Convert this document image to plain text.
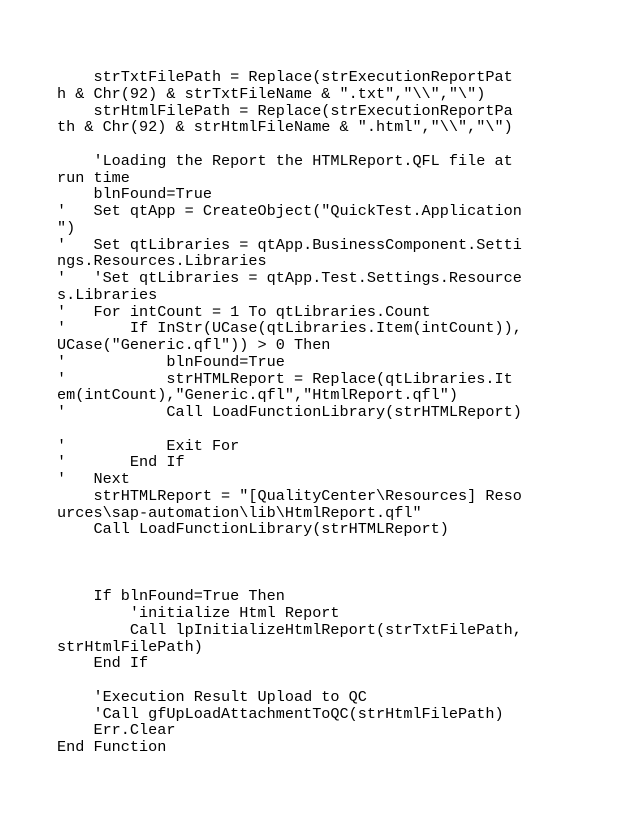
strTxtFilePath = Replace(strExecutionReportPat
h & Chr(92) & strTxtFileName & ".txt","\\","\")
strHtmlFilePath = Replace(strExecutionReportPa
th & Chr(92) & strHtmlFileName & ".html","\\","\")
'Loading the Report the HTMLReport.QFL file at
run time
blnFound=True
'   Set qtApp = CreateObject("QuickTest.Application
")
'   Set qtLibraries = qtApp.BusinessComponent.Setti
ngs.Resources.Libraries
'   'Set qtLibraries = qtApp.Test.Settings.Resource
s.Libraries
'   For intCount = 1 To qtLibraries.Count
'       If InStr(UCase(qtLibraries.Item(intCount)),
UCase("Generic.qfl")) > 0 Then
'           blnFound=True
'           strHTMLReport = Replace(qtLibraries.It
em(intCount),"Generic.qfl","HtmlReport.qfl")
'           Call LoadFunctionLibrary(strHTMLReport)
'           Exit For
'       End If
'   Next
strHTMLReport = "[QualityCenter\Resources] Reso
urces\sap-automation\lib\HtmlReport.qfl"
Call LoadFunctionLibrary(strHTMLReport)
If blnFound=True Then
'initialize Html Report
Call lpInitializeHtmlReport(strTxtFilePath,
strHtmlFilePath)
End If
'Execution Result Upload to QC
'Call gfUpLoadAttachmentToQC(strHtmlFilePath)
Err.Clear
End Function
